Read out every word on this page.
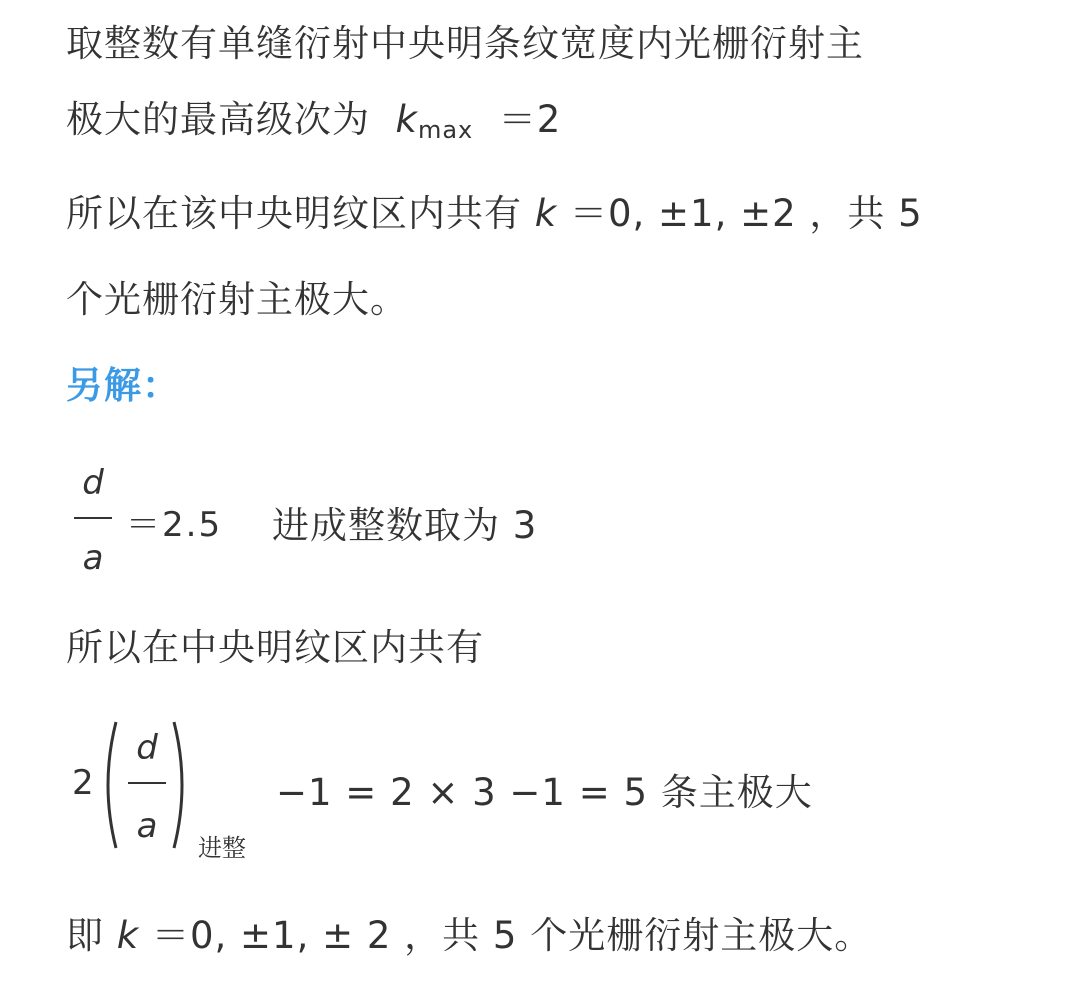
取整数有单缝衍射中央明条纹宽度内光栅衍射主
极大的最高级次为 kmax ＝2
所以在该中央明纹区内共有 k ＝0, ±1, ±2 ，共 5
个光栅衍射主极大。
另解：
d
a
＝2.5 进成整数取为 3
所以在中央明纹区内共有
2
d
a
进整
−1 = 2 × 3 −1 = 5 条主极大
即 k ＝0, ±1, ± 2 ，共 5 个光栅衍射主极大。
